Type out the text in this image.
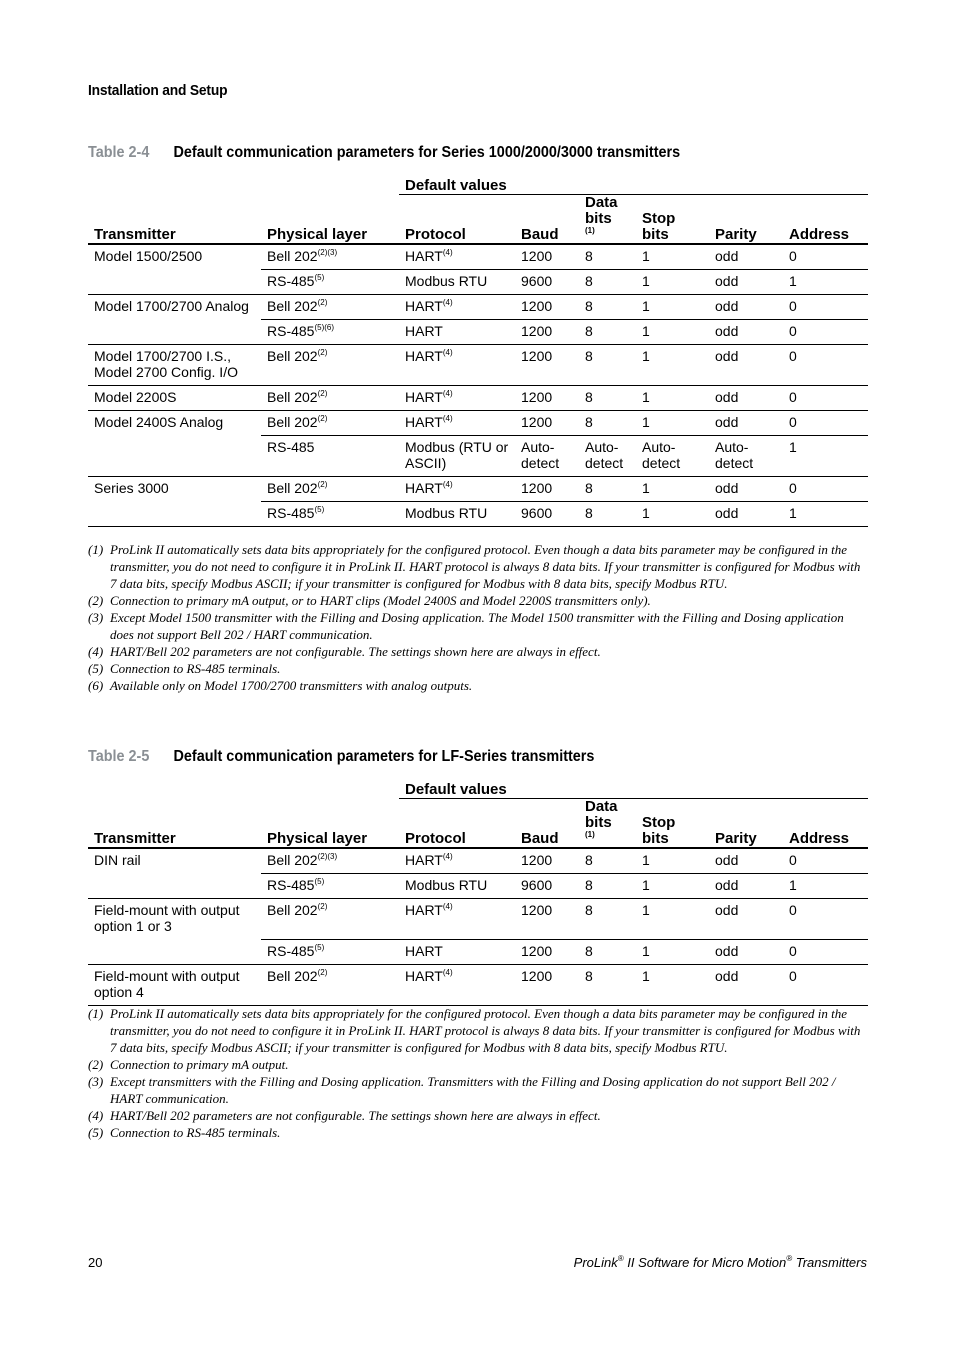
Installation and Setup
Table 2-4 Default communication parameters for Series 1000/2000/3000 transmitters
		Default values					
Transmitter	Physical layer	Protocol	Baud	Data bits$^{(1)}$	Stop bits	Parity	Address
Model 1500/2500	Bell $202^{(2)(3)}$	HART$^{(4)}$	1200	8	1	odd	0
	RS-485$^{(5)}$	Modbus RTU	9600	8	1	odd	1
Model 1700/2700 Analog	Bell 202$^{(2)}$	HART$^{(4)}$	1200	8	1	odd	0
	$RS-485^{(5)(6)}$	HART	1200	8	1	odd	0
Model 1700/2700 I.S., Model 2700 Config. I/O	Bell 202$^{(2)}$	HART$^{(4)}$	1200	8	1	odd	0
Model 2200S	Bell 202$^{(2)}$	HART$^{(4)}$	1200	8	1	odd	0
Model 2400S Analog	Bell 202$^{(2)}$	HART$^{(4)}$	1200	8	1	odd	0
	RS-485	Modbus (RTU or ASCII)	Auto-detect	Auto-detect	Auto-detect	Auto-detect	1
Series 3000	Bell 202$^{(2)}$	HART$^{(4)}$	1200	8	1	odd	0
	RS-485$^{(5)}$	Modbus RTU	9600	8	1	odd	1
(1) ProLink II automatically sets data bits appropriately for the configured protocol. Even though a data bits parameter may be configured in the transmitter, you do not need to configure it in ProLink II. HART protocol is always 8 data bits. If your transmitter is configured for Modbus with 7 data bits, specify Modbus ASCII; if your transmitter is configured for Modbus with 8 data bits, specify Modbus RTU.
(2) Connection to primary mA output, or to HART clips (Model 2400S and Model 2200S transmitters only).
(3) Except Model 1500 transmitter with the Filling and Dosing application. The Model 1500 transmitter with the Filling and Dosing application does not support Bell 202 / HART communication.
(4) HART/Bell 202 parameters are not configurable. The settings shown here are always in effect.
(5) Connection to RS-485 terminals.
(6) Available only on Model 1700/2700 transmitters with analog outputs.
Table 2-5 Default communication parameters for LF-Series transmitters
		Default values					
Transmitter	Physical layer	Protocol	Baud	Data bits$^{(1)}$	Stop bits	Parity	Address
DIN rail	Bell $202^{(2)(3)}$	HART$^{(4)}$	1200	8	1	odd	0
	RS-485$^{(5)}$	Modbus RTU	9600	8	1	odd	1
Field-mount with output option 1 or 3	Bell 202$^{(2)}$	HART$^{(4)}$	1200	8	1	odd	0
	RS-485$^{(5)}$	HART	1200	8	1	odd	0
Field-mount with output option 4	Bell 202$^{(2)}$	HART$^{(4)}$	1200	8	1	odd	0
(1) ProLink II automatically sets data bits appropriately for the configured protocol. Even though a data bits parameter may be configured in the transmitter, you do not need to configure it in ProLink II. HART protocol is always 8 data bits. If your transmitter is configured for Modbus with 7 data bits, specify Modbus ASCII; if your transmitter is configured for Modbus with 8 data bits, specify Modbus RTU.
(2) Connection to primary mA output.
(3) Except transmitters with the Filling and Dosing application. Transmitters with the Filling and Dosing application do not support Bell 202 / HART communication.
(4) HART/Bell 202 parameters are not configurable. The settings shown here are always in effect.
(5) Connection to RS-485 terminals.
20	ProLink® II Software for Micro Motion® Transmitters
